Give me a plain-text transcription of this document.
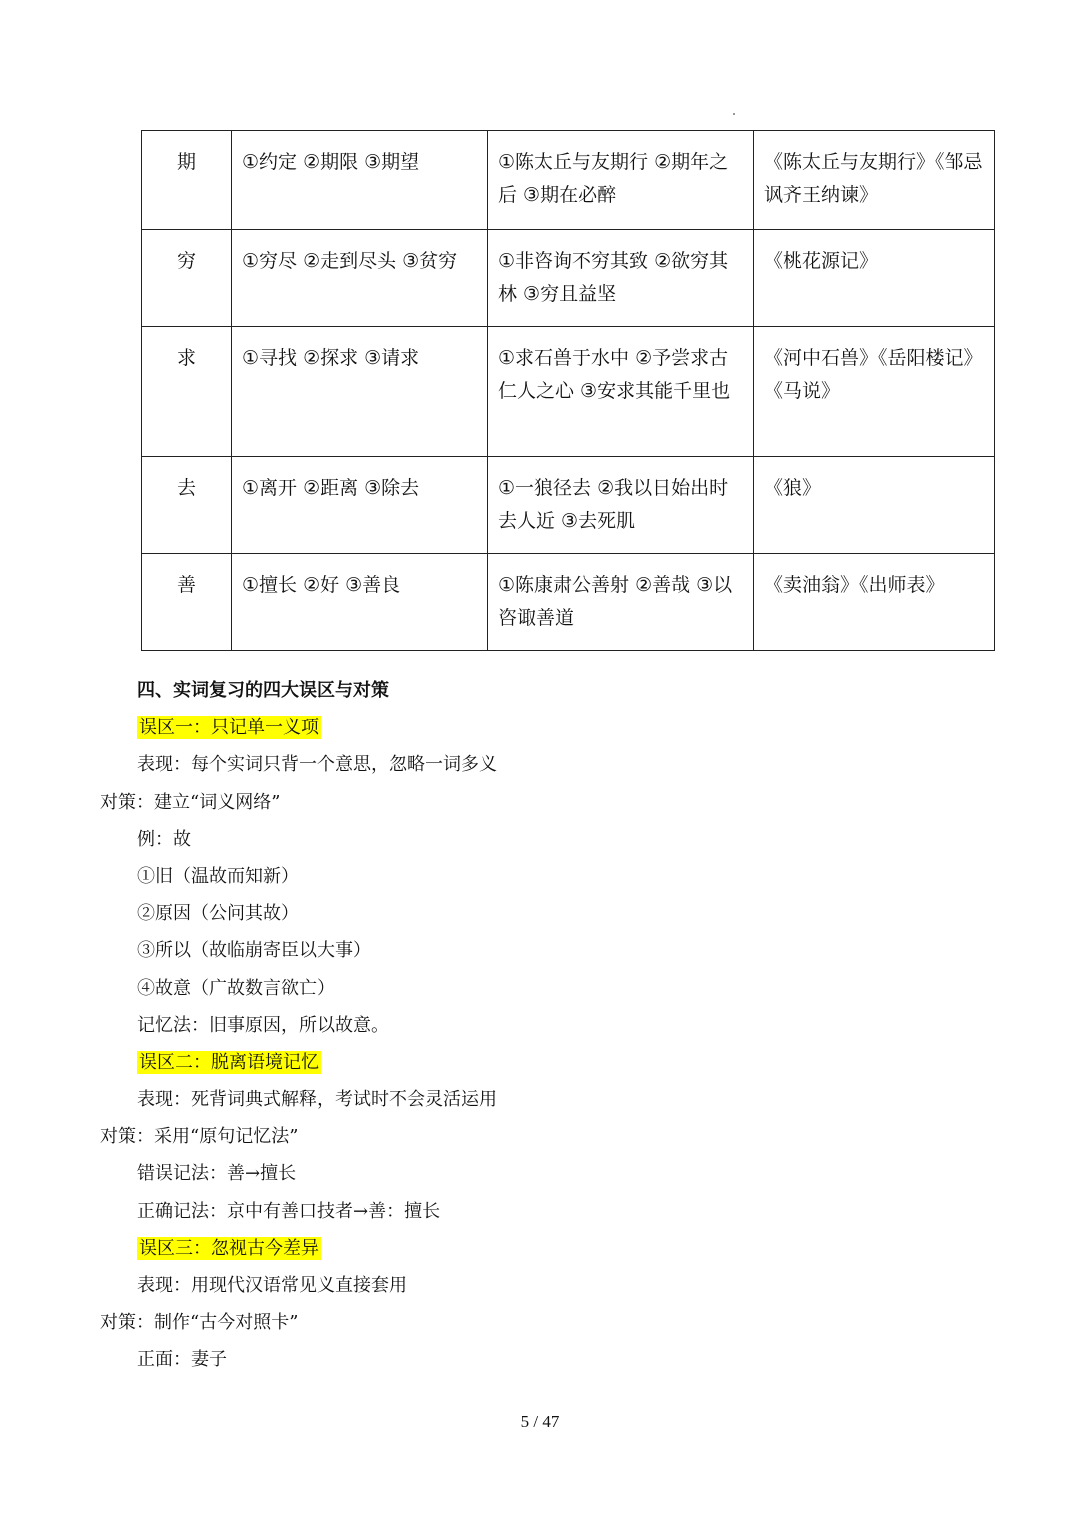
期	①约定 ②期限 ③期望	①陈太丘与友期行 ②期年之后 ③期在必醉	《陈太丘与友期行》《邹忌讽齐王纳谏》
穷	①穷尽 ②走到尽头 ③贫穷	①非咨询不穷其致 ②欲穷其林 ③穷且益坚	《桃花源记》
求	①寻找 ②探求 ③请求	①求石兽于水中 ②予尝求古仁人之心 ③安求其能千里也	《河中石兽》《岳阳楼记》《马说》
去	①离开 ②距离 ③除去	①一狼径去 ②我以日始出时去人近 ③去死肌	《狼》
善	①擅长 ②好 ③善良	①陈康肃公善射 ②善哉 ③以咨诹善道	《卖油翁》《出师表》
四、实词复习的四大误区与对策
误区一：只记单一义项
表现：每个实词只背一个意思，忽略一词多义
对策：建立“词义网络”
例：故
①旧（温故而知新）
②原因（公问其故）
③所以（故临崩寄臣以大事）
④故意（广故数言欲亡）
记忆法：旧事原因，所以故意。
误区二：脱离语境记忆
表现：死背词典式解释，考试时不会灵活运用
对策：采用“原句记忆法”
错误记法：善→擅长
正确记法：京中有善口技者→善：擅长
误区三：忽视古今差异
表现：用现代汉语常见义直接套用
对策：制作“古今对照卡”
正面：妻子
5 / 47
